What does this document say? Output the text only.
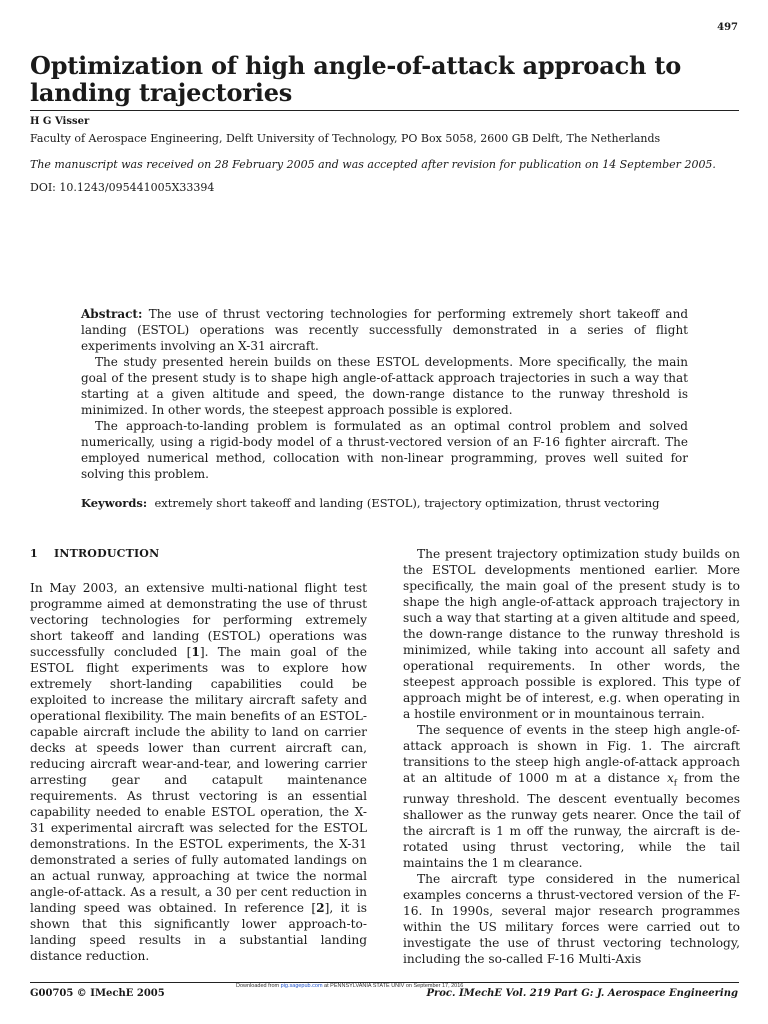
497
Optimization of high angle-of-attack approach to landing trajectories
H G Visser
Faculty of Aerospace Engineering, Delft University of Technology, PO Box 5058, 2600 GB Delft, The Netherlands
The manuscript was received on 28 February 2005 and was accepted after revision for publication on 14 September 2005.
DOI: 10.1243/095441005X33394

Abstract: The use of thrust vectoring technologies for performing extremely short takeoff and landing (ESTOL) operations was recently successfully demonstrated in a series of flight experiments involving an X-31 aircraft.

The study presented herein builds on these ESTOL developments. More specifically, the main goal of the present study is to shape high angle-of-attack approach trajectories in such a way that starting at a given altitude and speed, the down-range distance to the runway threshold is minimized. In other words, the steepest approach possible is explored.

The approach-to-landing problem is formulated as an optimal control problem and solved numerically, using a rigid-body model of a thrust-vectored version of an F-16 fighter aircraft. The employed numerical method, collocation with non-linear programming, proves well suited for solving this problem.

Keywords: extremely short takeoff and landing (ESTOL), trajectory optimization, thrust vectoring

1 INTRODUCTION

In May 2003, an extensive multi-national flight test programme aimed at demonstrating the use of thrust vectoring technologies for performing extremely short takeoff and landing (ESTOL) operations was successfully concluded [1]. The main goal of the ESTOL flight experiments was to explore how extremely short-landing capabilities could be exploited to increase the military aircraft safety and operational flexibility. The main benefits of an ESTOL-capable aircraft include the ability to land on carrier decks at speeds lower than current aircraft can, reducing aircraft wear-and-tear, and lowering carrier arresting gear and catapult maintenance requirements. As thrust vectoring is an essential capability needed to enable ESTOL operation, the X-31 experimental aircraft was selected for the ESTOL demonstrations. In the ESTOL experiments, the X-31 demonstrated a series of fully automated landings on an actual runway, approaching at twice the normal angle-of-attack. As a result, a 30 per cent reduction in landing speed was obtained. In reference [2], it is shown that this significantly lower approach-to-landing speed results in a substantial landing distance reduction.

The present trajectory optimization study builds on the ESTOL developments mentioned earlier. More specifically, the main goal of the present study is to shape the high angle-of-attack approach trajectory in such a way that starting at a given altitude and speed, the down-range distance to the runway threshold is minimized, while taking into account all safety and operational requirements. In other words, the steepest approach possible is explored. This type of approach might be of interest, e.g. when operating in a hostile environment or in mountainous terrain.

The sequence of events in the steep high angle-of-attack approach is shown in Fig. 1. The aircraft transitions to the steep high angle-of-attack approach at an altitude of 1000 m at a distance $x_f$ from the runway threshold. The descent eventually becomes shallower as the runway gets nearer. Once the tail of the aircraft is 1 m off the runway, the aircraft is de-rotated using thrust vectoring, while the tail maintains the 1 m clearance.

The aircraft type considered in the numerical examples concerns a thrust-vectored version of the F-16. In 1990s, several major research programmes within the US military forces were carried out to investigate the use of thrust vectoring technology, including the so-called F-16 Multi-Axis

G00705 © IMechE 2005
Downloaded from pig.sagepub.com at PENNSYLVANIA STATE UNIV on September 17, 2016
Proc. IMechE Vol. 219 Part G: J. Aerospace Engineering
